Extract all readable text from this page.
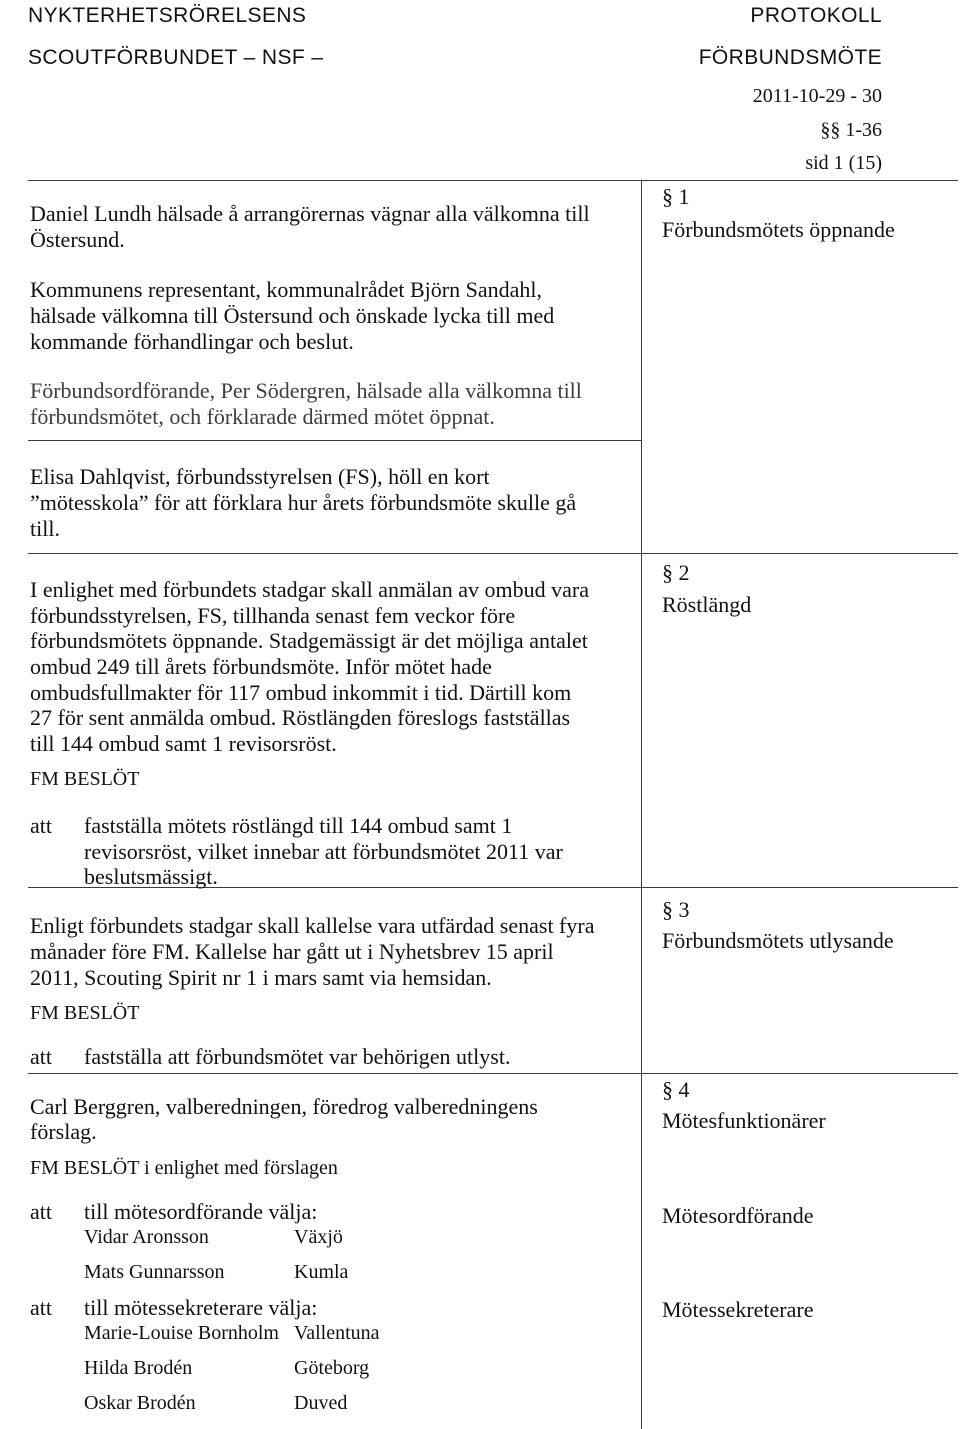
NYKTERHETSRÖRELSENS
SCOUTFÖRBUNDET – NSF –
PROTOKOLL
FÖRBUNDSMÖTE
2011-10-29 - 30
§§ 1-36
sid 1 (15)
§ 1
Förbundsmötets öppnande
Daniel Lundh hälsade å arrangörernas vägnar alla välkomna till
Östersund.
Kommunens representant, kommunalrådet Björn Sandahl,
hälsade välkomna till Östersund och önskade lycka till med
kommande förhandlingar och beslut.
Förbundsordförande, Per Södergren, hälsade alla välkomna till
förbundsmötet, och förklarade därmed mötet öppnat.
Elisa Dahlqvist, förbundsstyrelsen (FS), höll en kort
”mötesskola” för att förklara hur årets förbundsmöte skulle gå
till.
§ 2
Röstlängd
I enlighet med förbundets stadgar skall anmälan av ombud vara
förbundsstyrelsen, FS, tillhanda senast fem veckor före
förbundsmötets öppnande. Stadgemässigt är det möjliga antalet
ombud 249 till årets förbundsmöte. Inför mötet hade
ombudsfullmakter för 117 ombud inkommit i tid. Därtill kom
27 för sent anmälda ombud. Röstlängden föreslogs fastställas
till 144 ombud samt 1 revisorsröst.
FM BESLÖT
att fastställa mötets röstlängd till 144 ombud samt 1
revisorsröst, vilket innebar att förbundsmötet 2011 var
beslutsmässigt.
§ 3
Förbundsmötets utlysande
Enligt förbundets stadgar skall kallelse vara utfärdad senast fyra
månader före FM. Kallelse har gått ut i Nyhetsbrev 15 april
2011, Scouting Spirit nr 1 i mars samt via hemsidan.
FM BESLÖT
att fastställa att förbundsmötet var behörigen utlyst.
§ 4
Mötesfunktionärer
Carl Berggren, valberedningen, föredrog valberedningens
förslag.
FM BESLÖT i enlighet med förslagen
Mötesordförande
att till mötesordförande välja:
Vidar Aronsson	Växjö
Mats Gunnarsson	Kumla
Mötessekreterare
att till mötessekreterare välja:
Marie-Louise Bornholm Vallentuna
Hilda Brodén	Göteborg
Oskar Brodén	Duved
